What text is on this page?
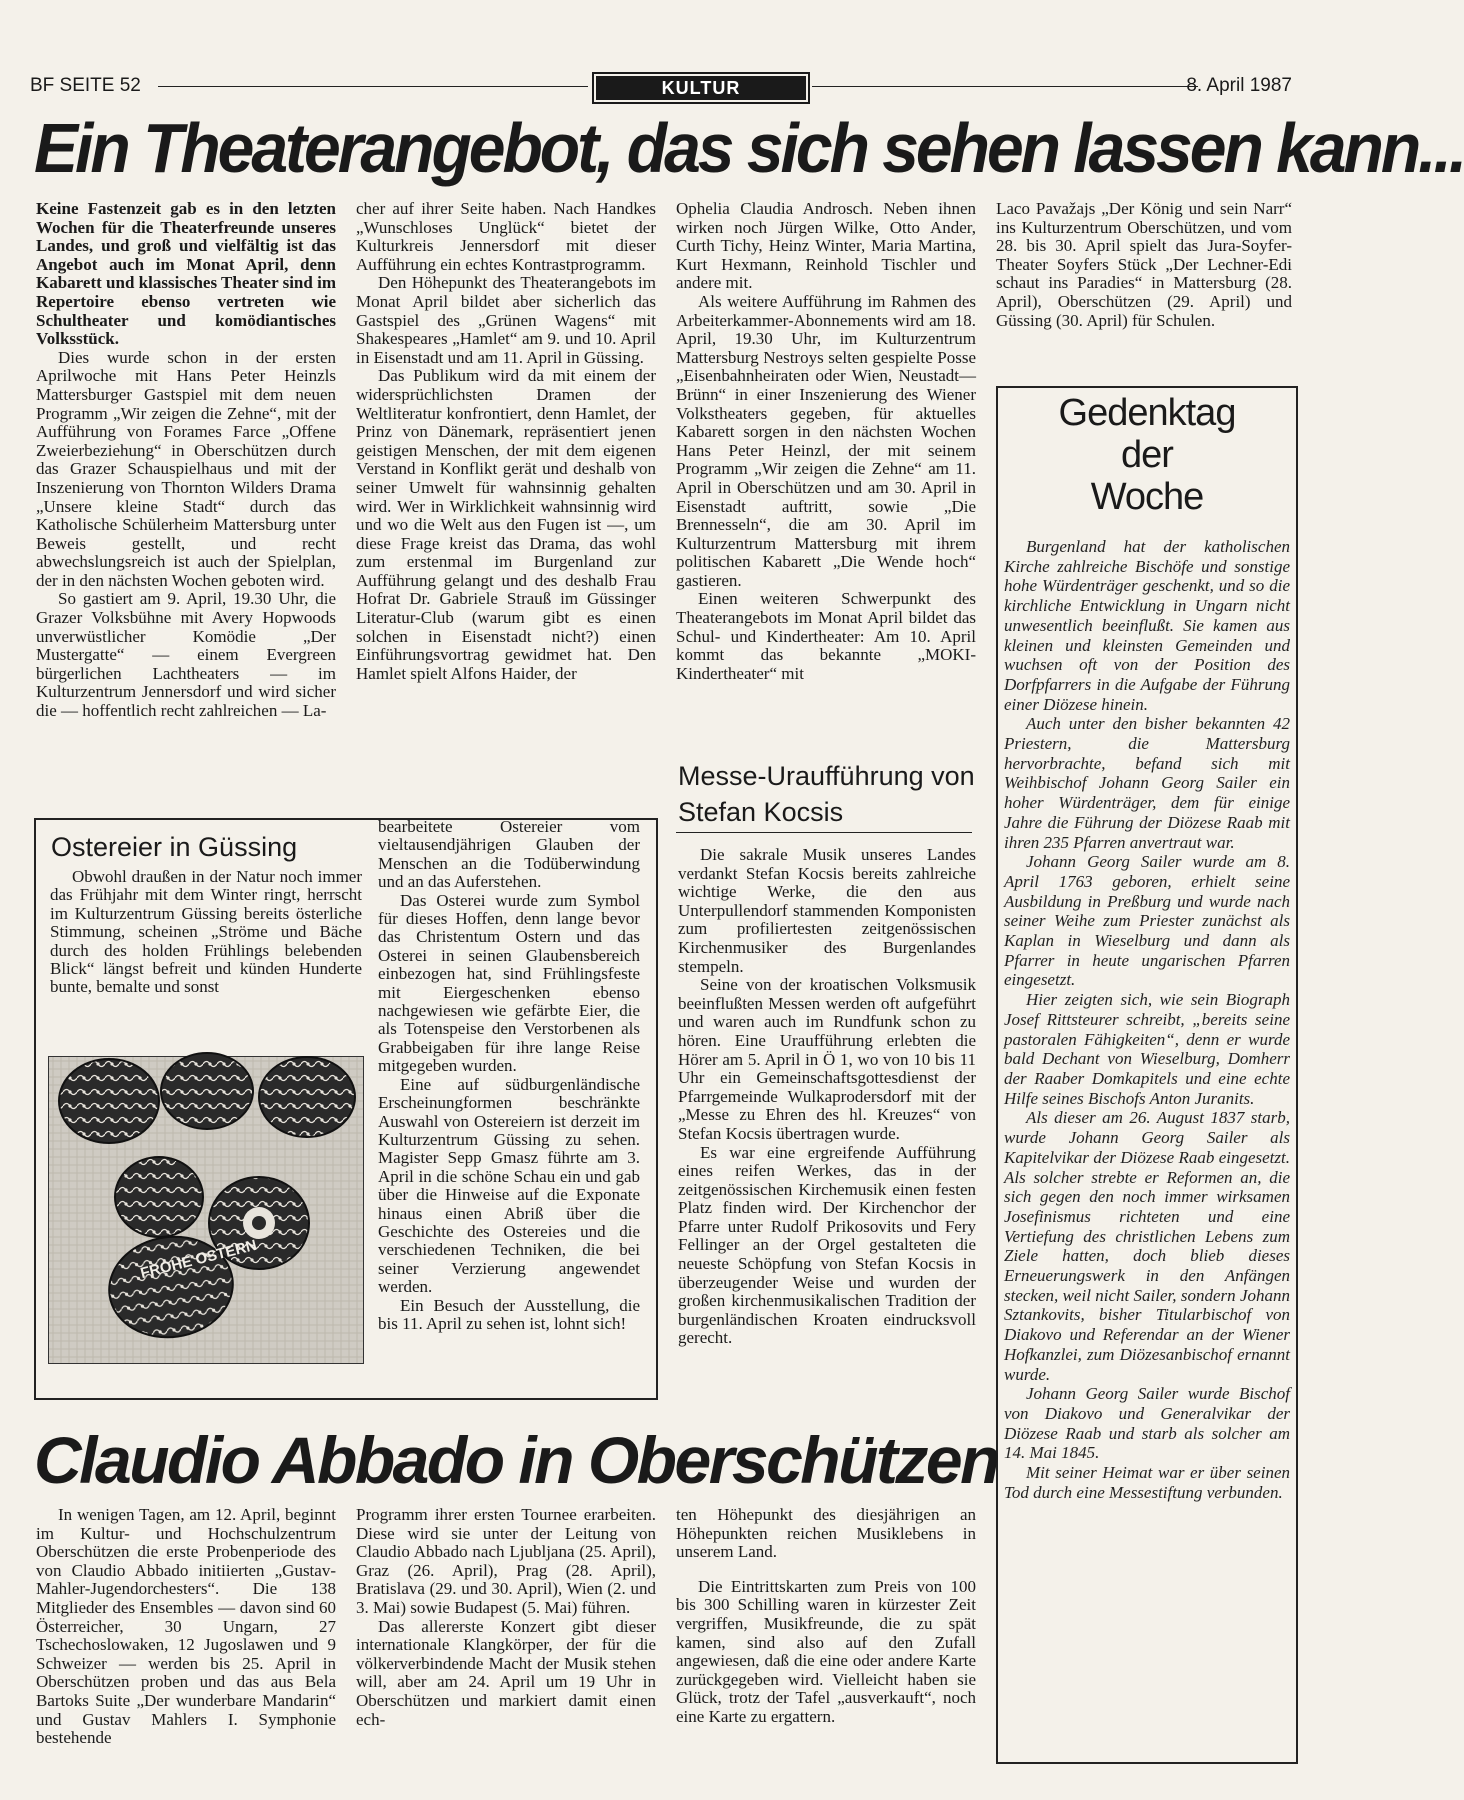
BF SEITE 52	KULTUR	8. April 1987
Ein Theaterangebot, das sich sehen lassen kann...

Keine Fastenzeit gab es in den letzten Wochen für die Theaterfreunde unseres Landes, und groß und vielfältig ist das Angebot auch im Monat April, denn Kabarett und klassisches Theater sind im Repertoire ebenso vertreten wie Schultheater und komödiantisches Volksstück.

Dies wurde schon in der ersten Aprilwoche mit Hans Peter Heinzls Mattersburger Gastspiel mit dem neuen Programm „Wir zeigen die Zehne“, mit der Aufführung von Forames Farce „Offene Zweierbeziehung“ in Oberschützen durch das Grazer Schauspielhaus und mit der Inszenierung von Thornton Wilders Drama „Unsere kleine Stadt“ durch das Katholische Schülerheim Mattersburg unter Beweis gestellt, und recht abwechslungsreich ist auch der Spielplan, der in den nächsten Wochen geboten wird.

So gastiert am 9. April, 19.30 Uhr, die Grazer Volksbühne mit Avery Hopwoods unverwüstlicher Komödie „Der Mustergatte“ — einem Evergreen bürgerlichen Lachtheaters — im Kulturzentrum Jennersdorf und wird sicher die — hoffentlich recht zahlreichen — La-

cher auf ihrer Seite haben. Nach Handkes „Wunschloses Unglück“ bietet der Kulturkreis Jennersdorf mit dieser Aufführung ein echtes Kontrastprogramm.

Den Höhepunkt des Theaterangebots im Monat April bildet aber sicherlich das Gastspiel des „Grünen Wagens“ mit Shakespeares „Hamlet“ am 9. und 10. April in Eisenstadt und am 11. April in Güssing.

Das Publikum wird da mit einem der widersprüchlichsten Dramen der Weltliteratur konfrontiert, denn Hamlet, der Prinz von Dänemark, repräsentiert jenen geistigen Menschen, der mit dem eigenen Verstand in Konflikt gerät und deshalb von seiner Umwelt für wahnsinnig gehalten wird. Wer in Wirklichkeit wahnsinnig wird und wo die Welt aus den Fugen ist —, um diese Frage kreist das Drama, das wohl zum erstenmal im Burgenland zur Aufführung gelangt und des deshalb Frau Hofrat Dr. Gabriele Strauß im Güssinger Literatur-Club (warum gibt es einen solchen in Eisenstadt nicht?) einen Einführungsvortrag gewidmet hat. Den Hamlet spielt Alfons Haider, der

Ophelia Claudia Androsch. Neben ihnen wirken noch Jürgen Wilke, Otto Ander, Curth Tichy, Heinz Winter, Maria Martina, Kurt Hexmann, Reinhold Tischler und andere mit.

Als weitere Aufführung im Rahmen des Arbeiterkammer-Abonnements wird am 18. April, 19.30 Uhr, im Kulturzentrum Mattersburg Nestroys selten gespielte Posse „Eisenbahnheiraten oder Wien, Neustadt—Brünn“ in einer Inszenierung des Wiener Volkstheaters gegeben, für aktuelles Kabarett sorgen in den nächsten Wochen Hans Peter Heinzl, der mit seinem Programm „Wir zeigen die Zehne“ am 11. April in Oberschützen und am 30. April in Eisenstadt auftritt, sowie „Die Brennesseln“, die am 30. April im Kulturzentrum Mattersburg mit ihrem politischen Kabarett „Die Wende hoch“ gastieren.

Einen weiteren Schwerpunkt des Theaterangebots im Monat April bildet das Schul- und Kindertheater: Am 10. April kommt das bekannte „MOKI-Kindertheater“ mit

Laco Pavažajs „Der König und sein Narr“ ins Kulturzentrum Oberschützen, und vom 28. bis 30. April spielt das Jura-Soyfer-Theater Soyfers Stück „Der Lechner-Edi schaut ins Paradies“ in Mattersburg (28. April), Oberschützen (29. April) und Güssing (30. April) für Schulen.

Ostereier in Güssing

Obwohl draußen in der Natur noch immer das Frühjahr mit dem Winter ringt, herrscht im Kulturzentrum Güssing bereits österliche Stimmung, scheinen „Ströme und Bäche durch des holden Frühlings belebenden Blick“ längst befreit und künden Hunderte bunte, bemalte und sonst

FROHE OSTERN

bearbeitete Ostereier vom vieltausendjährigen Glauben der Menschen an die Todüberwindung und an das Auferstehen.

Das Osterei wurde zum Symbol für dieses Hoffen, denn lange bevor das Christentum Ostern und das Osterei in seinen Glaubensbereich einbezogen hat, sind Frühlingsfeste mit Eiergeschenken ebenso nachgewiesen wie gefärbte Eier, die als Totenspeise den Verstorbenen als Grabbeigaben für ihre lange Reise mitgegeben wurden.

Eine auf südburgenländische Erscheinungformen beschränkte Auswahl von Ostereiern ist derzeit im Kulturzentrum Güssing zu sehen. Magister Sepp Gmasz führte am 3. April in die schöne Schau ein und gab über die Hinweise auf die Exponate hinaus einen Abriß über die Geschichte des Ostereies und die verschiedenen Techniken, die bei seiner Verzierung angewendet werden.

Ein Besuch der Ausstellung, die bis 11. April zu sehen ist, lohnt sich!

Messe-Uraufführung von Stefan Kocsis

Die sakrale Musik unseres Landes verdankt Stefan Kocsis bereits zahlreiche wichtige Werke, die den aus Unterpullendorf stammenden Komponisten zum profiliertesten zeitgenössischen Kirchenmusiker des Burgenlandes stempeln.

Seine von der kroatischen Volksmusik beeinflußten Messen werden oft aufgeführt und waren auch im Rundfunk schon zu hören. Eine Uraufführung erlebten die Hörer am 5. April in Ö 1, wo von 10 bis 11 Uhr ein Gemeinschaftsgottesdienst der Pfarrgemeinde Wulkaprodersdorf mit der „Messe zu Ehren des hl. Kreuzes“ von Stefan Kocsis übertragen wurde.

Es war eine ergreifende Aufführung eines reifen Werkes, das in der zeitgenössischen Kirchemusik einen festen Platz finden wird. Der Kirchenchor der Pfarre unter Rudolf Prikosovits und Fery Fellinger an der Orgel gestalteten die neueste Schöpfung von Stefan Kocsis in überzeugender Weise und wurden der großen kirchenmusikalischen Tradition der burgenländischen Kroaten eindrucksvoll gerecht.

Gedenktag
der
Woche

Burgenland hat der katholischen Kirche zahlreiche Bischöfe und sonstige hohe Würdenträger geschenkt, und so die kirchliche Entwicklung in Ungarn nicht unwesentlich beeinflußt. Sie kamen aus kleinen und kleinsten Gemeinden und wuchsen oft von der Position des Dorfpfarrers in die Aufgabe der Führung einer Diözese hinein.

Auch unter den bisher bekannten 42 Priestern, die Mattersburg hervorbrachte, befand sich mit Weihbischof Johann Georg Sailer ein hoher Würdenträger, dem für einige Jahre die Führung der Diözese Raab mit ihren 235 Pfarren anvertraut war.

Johann Georg Sailer wurde am 8. April 1763 geboren, erhielt seine Ausbildung in Preßburg und wurde nach seiner Weihe zum Priester zunächst als Kaplan in Wieselburg und dann als Pfarrer in heute ungarischen Pfarren eingesetzt.

Hier zeigten sich, wie sein Biograph Josef Rittsteurer schreibt, „bereits seine pastoralen Fähigkeiten“, denn er wurde bald Dechant von Wieselburg, Domherr der Raaber Domkapitels und eine echte Hilfe seines Bischofs Anton Juranits.

Als dieser am 26. August 1837 starb, wurde Johann Georg Sailer als Kapitelvikar der Diözese Raab eingesetzt. Als solcher strebte er Reformen an, die sich gegen den noch immer wirksamen Josefinismus richteten und eine Vertiefung des christlichen Lebens zum Ziele hatten, doch blieb dieses Erneuerungswerk in den Anfängen stecken, weil nicht Sailer, sondern Johann Sztankovits, bisher Titularbischof von Diakovo und Referendar an der Wiener Hofkanzlei, zum Diözesanbischof ernannt wurde.

Johann Georg Sailer wurde Bischof von Diakovo und Generalvikar der Diözese Raab und starb als solcher am 14. Mai 1845.

Mit seiner Heimat war er über seinen Tod durch eine Messestiftung verbunden.

Claudio Abbado in Oberschützen

In wenigen Tagen, am 12. April, beginnt im Kultur- und Hochschulzentrum Oberschützen die erste Probenperiode des von Claudio Abbado initiierten „Gustav-Mahler-Jugendorchesters“. Die 138 Mitglieder des Ensembles — davon sind 60 Österreicher, 30 Ungarn, 27 Tschechoslowaken, 12 Jugoslawen und 9 Schweizer — werden bis 25. April in Oberschützen proben und das aus Bela Bartoks Suite „Der wunderbare Mandarin“ und Gustav Mahlers I. Symphonie bestehende

Programm ihrer ersten Tournee erarbeiten. Diese wird sie unter der Leitung von Claudio Abbado nach Ljubljana (25. April), Graz (26. April), Prag (28. April), Bratislava (29. und 30. April), Wien (2. und 3. Mai) sowie Budapest (5. Mai) führen.

Das allererste Konzert gibt dieser internationale Klangkörper, der für die völkerverbindende Macht der Musik stehen will, aber am 24. April um 19 Uhr in Oberschützen und markiert damit einen ech-

ten Höhepunkt des diesjährigen an Höhepunkten reichen Musiklebens in unserem Land.

Die Eintrittskarten zum Preis von 100 bis 300 Schilling waren in kürzester Zeit vergriffen, Musikfreunde, die zu spät kamen, sind also auf den Zufall angewiesen, daß die eine oder andere Karte zurückgegeben wird. Vielleicht haben sie Glück, trotz der Tafel „ausverkauft“, noch eine Karte zu ergattern.
